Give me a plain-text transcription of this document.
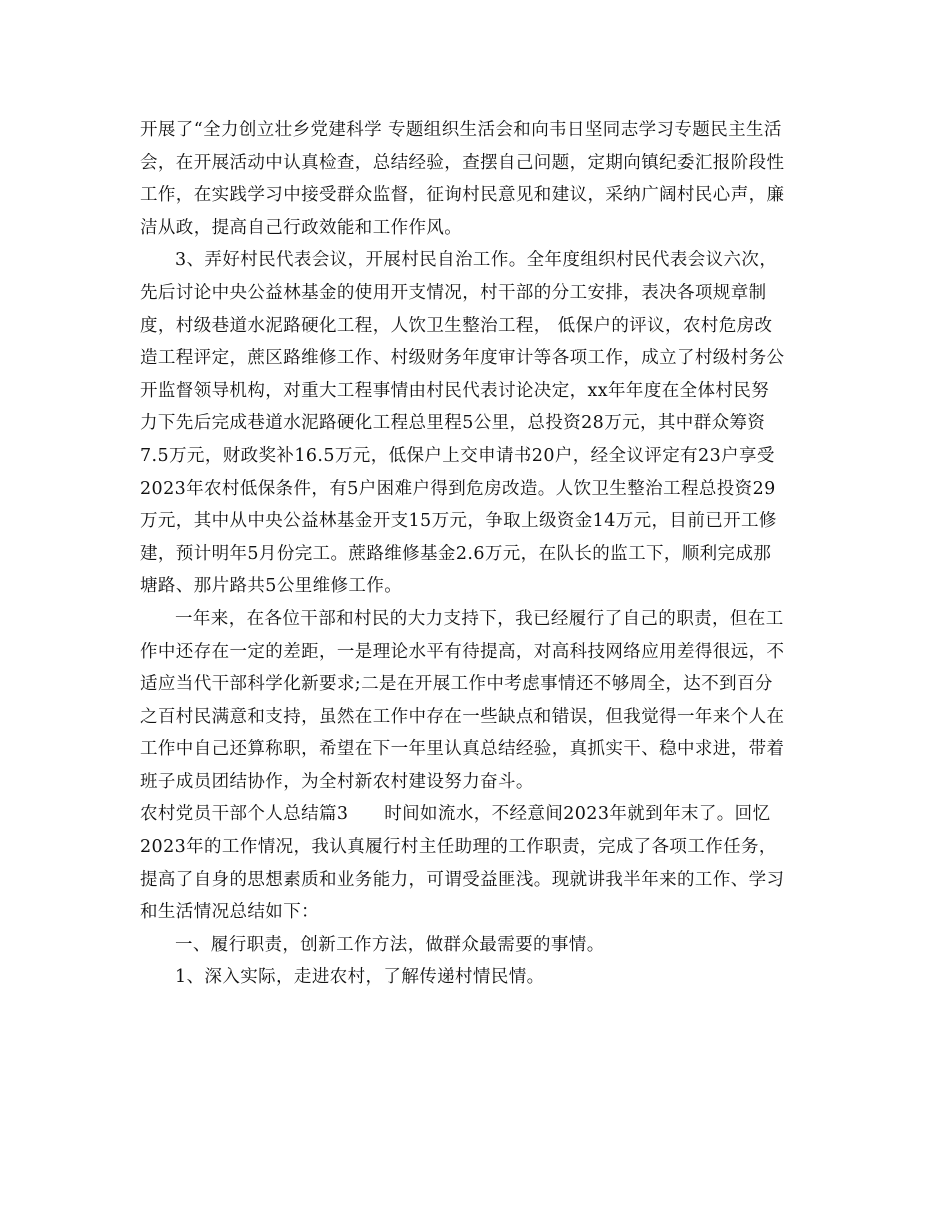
开展了“全力创立壮乡党建科学 专题组织生活会和向韦日坚同志学习专题民主生活
会，在开展活动中认真检查，总结经验，查摆自己问题，定期向镇纪委汇报阶段性
工作，在实践学习中接受群众监督，征询村民意见和建议，采纳广阔村民心声，廉
洁从政，提高自己行政效能和工作作风。
3、弄好村民代表会议，开展村民自治工作。全年度组织村民代表会议六次，
先后讨论中央公益林基金的使用开支情况，村干部的分工安排，表决各项规章制
度，村级巷道水泥路硬化工程，人饮卫生整治工程， 低保户的评议，农村危房改
造工程评定，蔗区路维修工作、村级财务年度审计等各项工作，成立了村级村务公
开监督领导机构，对重大工程事情由村民代表讨论决定，xx年年度在全体村民努
力下先后完成巷道水泥路硬化工程总里程5公里，总投资28万元，其中群众筹资
7.5万元，财政奖补16.5万元，低保户上交申请书20户，经全议评定有23户享受
2023年农村低保条件，有5户困难户得到危房改造。人饮卫生整治工程总投资29
万元，其中从中央公益林基金开支15万元，争取上级资金14万元，目前已开工修
建，预计明年5月份完工。蔗路维修基金2.6万元，在队长的监工下，顺利完成那
塘路、那片路共5公里维修工作。
一年来，在各位干部和村民的大力支持下，我已经履行了自己的职责，但在工
作中还存在一定的差距，一是理论水平有待提高，对高科技网络应用差得很远，不
适应当代干部科学化新要求;二是在开展工作中考虑事情还不够周全，达不到百分
之百村民满意和支持，虽然在工作中存在一些缺点和错误，但我觉得一年来个人在
工作中自己还算称职，希望在下一年里认真总结经验，真抓实干、稳中求进，带着
班子成员团结协作，为全村新农村建设努力奋斗。
农村党员干部个人总结篇3　　时间如流水，不经意间2023年就到年末了。回忆
2023年的工作情况，我认真履行村主任助理的工作职责，完成了各项工作任务，
提高了自身的思想素质和业务能力，可谓受益匪浅。现就讲我半年来的工作、学习
和生活情况总结如下：
一、履行职责，创新工作方法，做群众最需要的事情。
1、深入实际，走进农村，了解传递村情民情。
